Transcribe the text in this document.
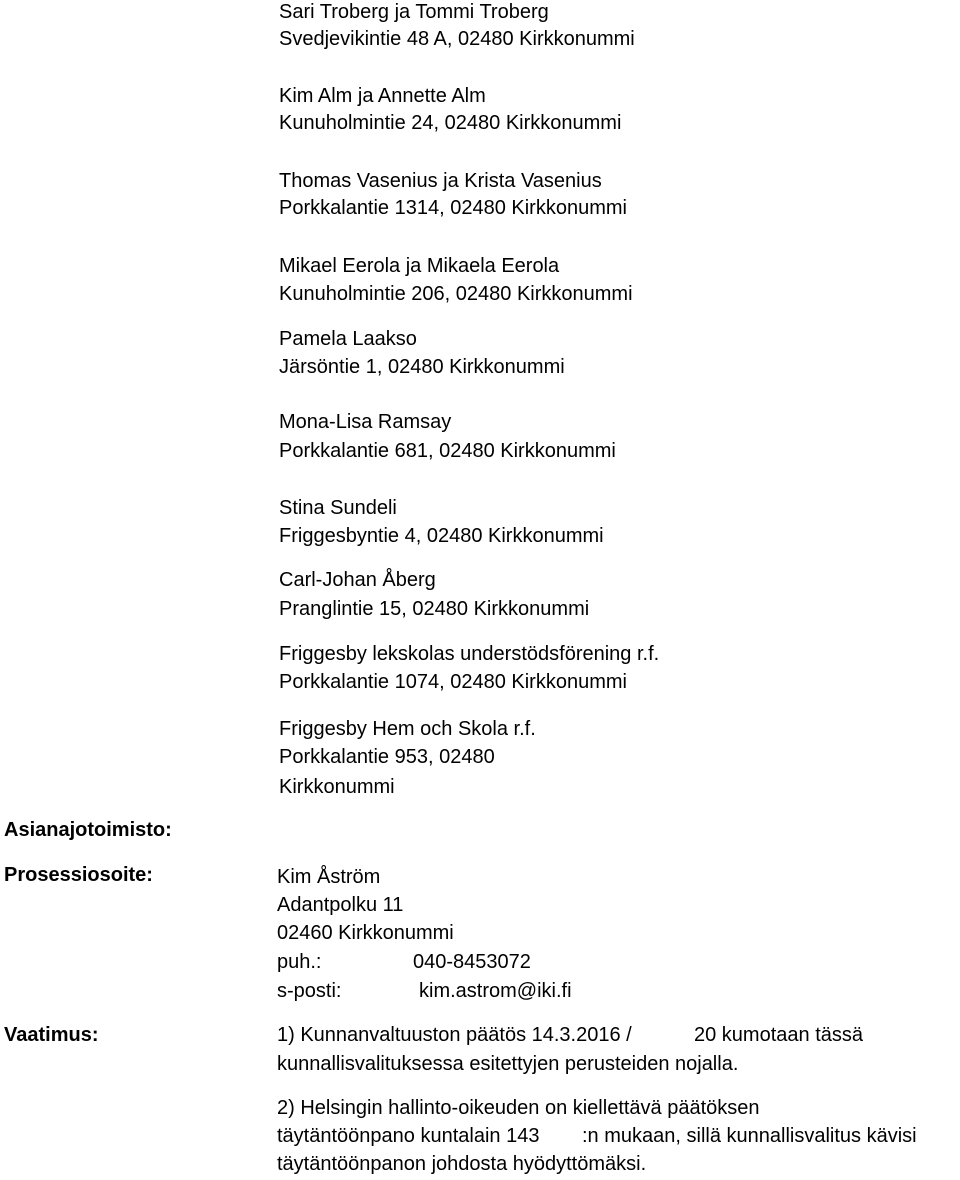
Sari Troberg ja Tommi Troberg
Svedjevikintie 48 A, 02480 Kirkkonummi
Kim Alm ja Annette Alm
Kunuholmintie 24, 02480 Kirkkonummi
Thomas Vasenius ja Krista Vasenius
Porkkalantie 1314, 02480 Kirkkonummi
Mikael Eerola ja Mikaela Eerola
Kunuholmintie 206, 02480 Kirkkonummi
Pamela Laakso
Järsöntie 1, 02480 Kirkkonummi
Mona-Lisa Ramsay
Porkkalantie 681, 02480 Kirkkonummi
Stina Sundeli
Friggesbyntie 4, 02480 Kirkkonummi
Carl-Johan Åberg
Pranglintie 15, 02480 Kirkkonummi
Friggesby lekskolas understödsförening r.f.
Porkkalantie 1074, 02480 Kirkkonummi
Friggesby Hem och Skola r.f.
Porkkalantie 953, 02480
Kirkkonummi
Asianajotoimisto:
Prosessiosoite:	Kim Åström
Adantpolku 11
02460 Kirkkonummi
puh.:	040-8453072
s-posti:	kim.astrom@iki.fi
Vaatimus:	1) Kunnanvaltuuston päätös 14.3.2016 /	20 kumotaan tässä
kunnallisvalituksessa esitettyjen perusteiden nojalla.
2) Helsingin hallinto-oikeuden on kiellettävä päätöksen
täytäntöönpano kuntalain 143 :n mukaan, sillä kunnallisvalitus kävisi
täytäntöönpanon johdosta hyödyttömäksi.
